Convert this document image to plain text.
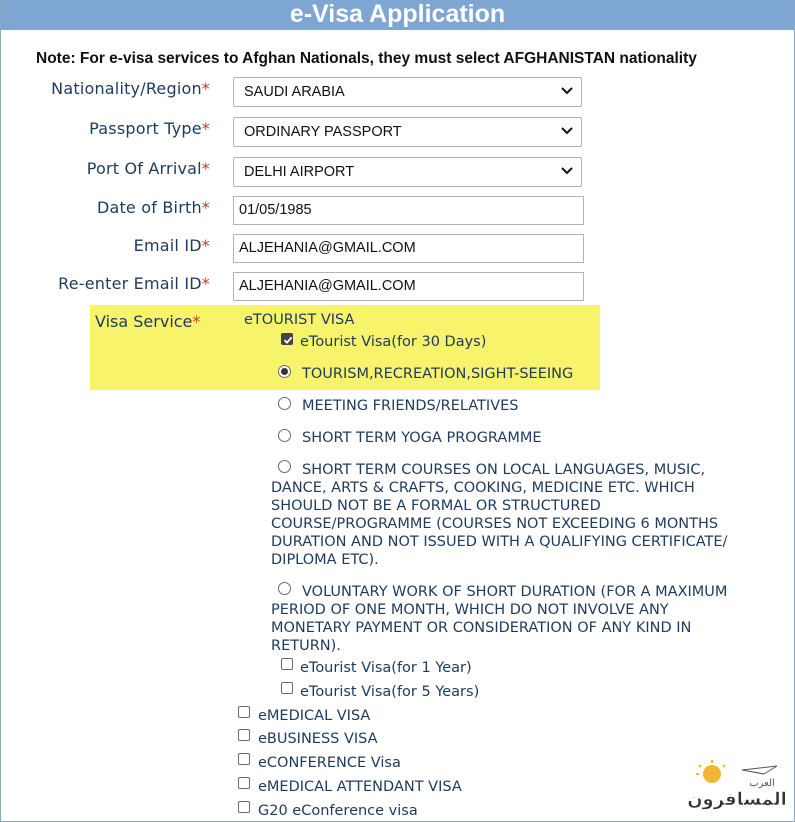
e-Visa Application
Note: For e-visa services to Afghan Nationals, they must select AFGHANISTAN nationality
Nationality/Region*	SAUDI ARABIA
Passport Type*	ORDINARY PASSPORT
Port Of Arrival*	DELHI AIRPORT
Date of Birth*	01/05/1985
Email ID*	ALJEHANIA@GMAIL.COM
Re-enter Email ID*	ALJEHANIA@GMAIL.COM
Visa Service*	eTOURIST VISA
eTourist Visa(for 30 Days)
TOURISM,RECREATION,SIGHT-SEEING
MEETING FRIENDS/RELATIVES
SHORT TERM YOGA PROGRAMME
SHORT TERM COURSES ON LOCAL LANGUAGES, MUSIC, DANCE, ARTS & CRAFTS, COOKING, MEDICINE ETC. WHICH SHOULD NOT BE A FORMAL OR STRUCTURED COURSE/PROGRAMME (COURSES NOT EXCEEDING 6 MONTHS DURATION AND NOT ISSUED WITH A QUALIFYING CERTIFICATE/ DIPLOMA ETC).
VOLUNTARY WORK OF SHORT DURATION (FOR A MAXIMUM PERIOD OF ONE MONTH, WHICH DO NOT INVOLVE ANY MONETARY PAYMENT OR CONSIDERATION OF ANY KIND IN RETURN).
eTourist Visa(for 1 Year)
eTourist Visa(for 5 Years)
eMEDICAL VISA
eBUSINESS VISA
eCONFERENCE Visa
eMEDICAL ATTENDANT VISA
G20 eConference visa
المسافرون
العرب
